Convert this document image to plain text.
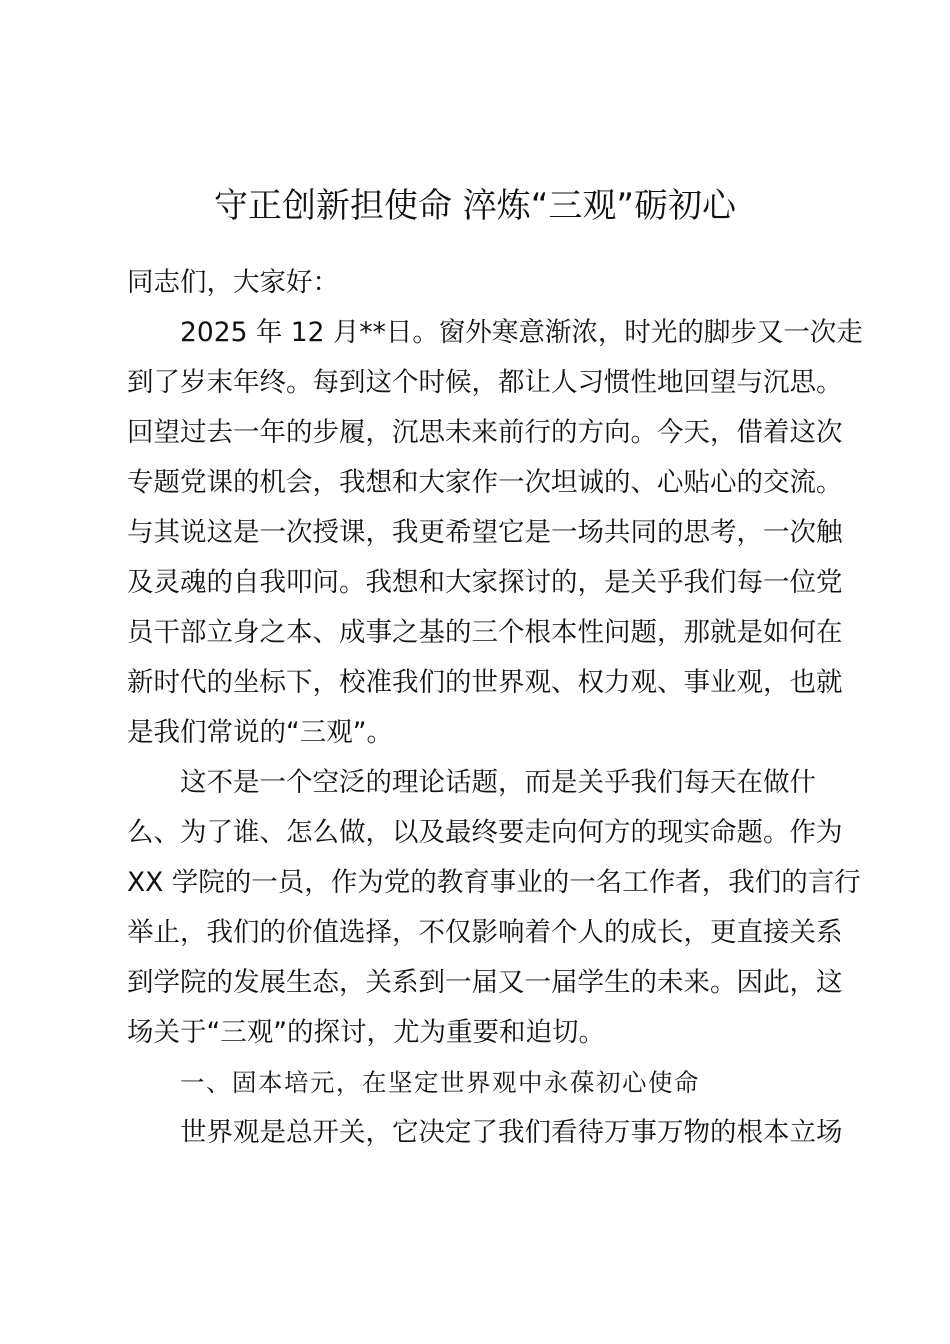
守正创新担使命 淬炼“三观”砺初心

同志们，大家好：

2025 年 12 月**日。窗外寒意渐浓，时光的脚步又一次走
到了岁末年终。每到这个时候，都让人习惯性地回望与沉思。
回望过去一年的步履，沉思未来前行的方向。今天，借着这次
专题党课的机会，我想和大家作一次坦诚的、心贴心的交流。
与其说这是一次授课，我更希望它是一场共同的思考，一次触
及灵魂的自我叩问。我想和大家探讨的，是关乎我们每一位党
员干部立身之本、成事之基的三个根本性问题，那就是如何在
新时代的坐标下，校准我们的世界观、权力观、事业观，也就
是我们常说的“三观”。

这不是一个空泛的理论话题，而是关乎我们每天在做什
么、为了谁、怎么做，以及最终要走向何方的现实命题。作为
XX 学院的一员，作为党的教育事业的一名工作者，我们的言行
举止，我们的价值选择，不仅影响着个人的成长，更直接关系
到学院的发展生态，关系到一届又一届学生的未来。因此，这
场关于“三观”的探讨，尤为重要和迫切。

一、固本培元，在坚定世界观中永葆初心使命

世界观是总开关，它决定了我们看待万事万物的根本立场
